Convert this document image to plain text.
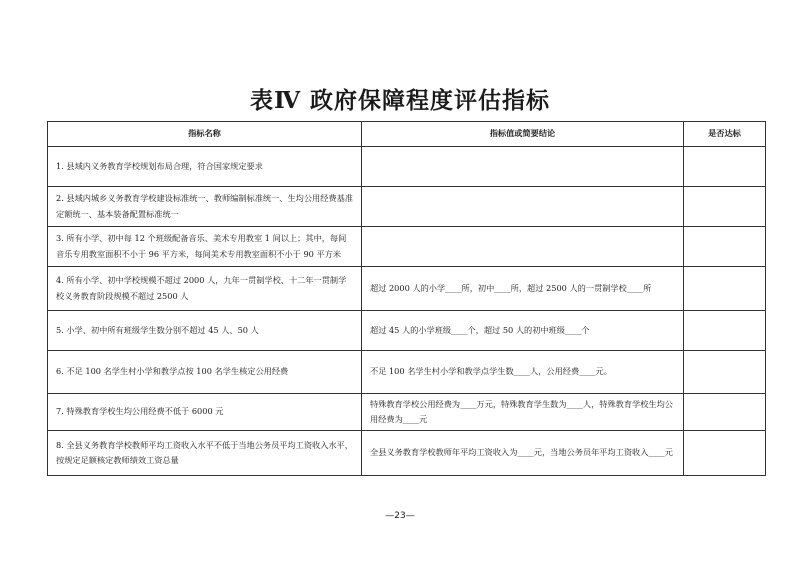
表Ⅳ 政府保障程度评估指标
指标名称	指标值或简要结论	是否达标
1. 县域内义务教育学校规划布局合理，符合国家规定要求		
2. 县域内城乡义务教育学校建设标准统一、教师编制标准统一、生均公用经费基准定额统一、基本装备配置标准统一		
3. 所有小学、初中每 12 个班级配备音乐、美术专用教室 1 间以上；其中，每间音乐专用教室面积不小于 96 平方米，每间美术专用教室面积不小于 90 平方米		
4. 所有小学、初中学校规模不超过 2000 人，九年一贯制学校、十二年一贯制学校义务教育阶段规模不超过 2500 人	超过 2000 人的小学____所，初中____所，超过 2500 人的一贯制学校____所	
5. 小学、初中所有班级学生数分别不超过 45 人、50 人	超过 45 人的小学班级____个，超过 50 人的初中班级____个	
6. 不足 100 名学生村小学和教学点按 100 名学生核定公用经费	不足 100 名学生村小学和教学点学生数____人，公用经费____元。	
7. 特殊教育学校生均公用经费不低于 6000 元	特殊教育学校公用经费为____万元，特殊教育学生数为____人，特殊教育学校生均公用经费为____元	
8. 全县义务教育学校教师平均工资收入水平不低于当地公务员平均工资收入水平，按规定足额核定教师绩效工资总量	全县义务教育学校教师年平均工资收入为____元，当地公务员年平均工资收入____元	
—23—
